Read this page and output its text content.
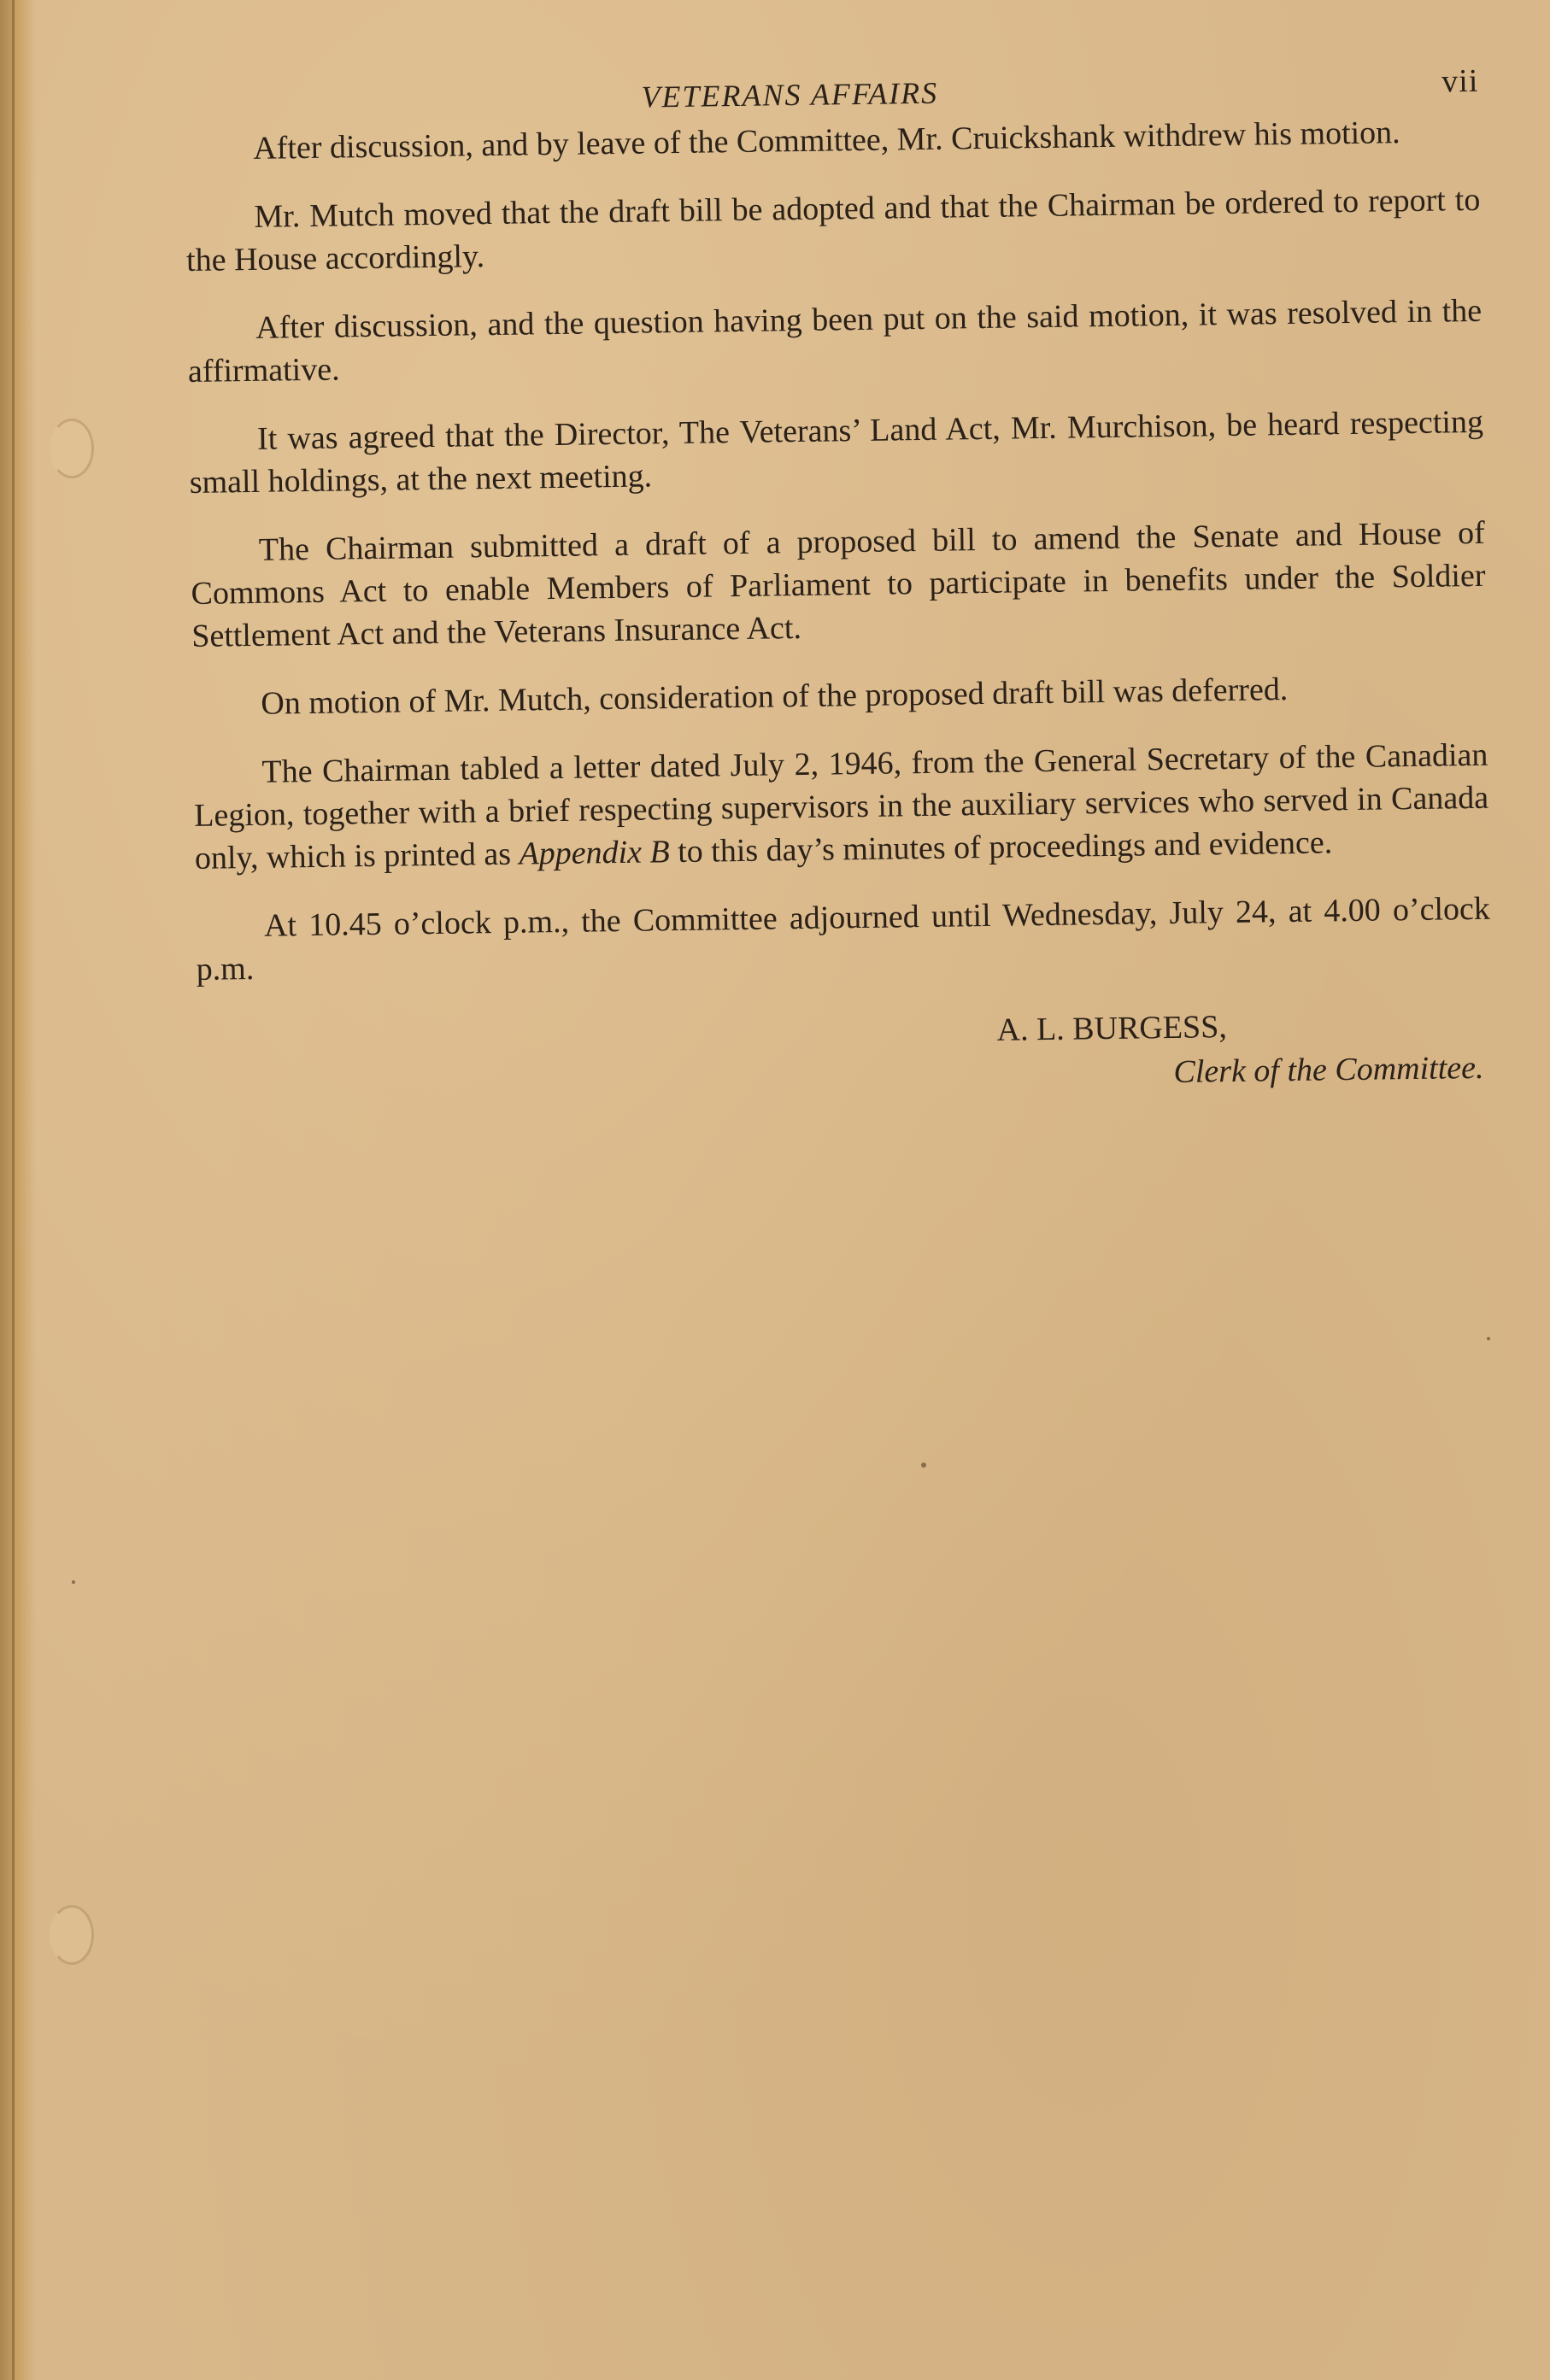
VETERANS AFFAIRS	vii

After discussion, and by leave of the Committee, Mr. Cruickshank withdrew his motion.

Mr. Mutch moved that the draft bill be adopted and that the Chairman be ordered to report to the House accordingly.

After discussion, and the question having been put on the said motion, it was resolved in the affirmative.

It was agreed that the Director, The Veterans’ Land Act, Mr. Murchison, be heard respecting small holdings, at the next meeting.

The Chairman submitted a draft of a proposed bill to amend the Senate and House of Commons Act to enable Members of Parliament to participate in benefits under the Soldier Settlement Act and the Veterans Insurance Act.

On motion of Mr. Mutch, consideration of the proposed draft bill was deferred.

The Chairman tabled a letter dated July 2, 1946, from the General Secretary of the Canadian Legion, together with a brief respecting supervisors in the auxiliary services who served in Canada only, which is printed as Appendix B to this day’s minutes of proceedings and evidence.

At 10.45 o’clock p.m., the Committee adjourned until Wednesday, July 24, at 4.00 o’clock p.m.

A. L. BURGESS,
Clerk of the Committee.
